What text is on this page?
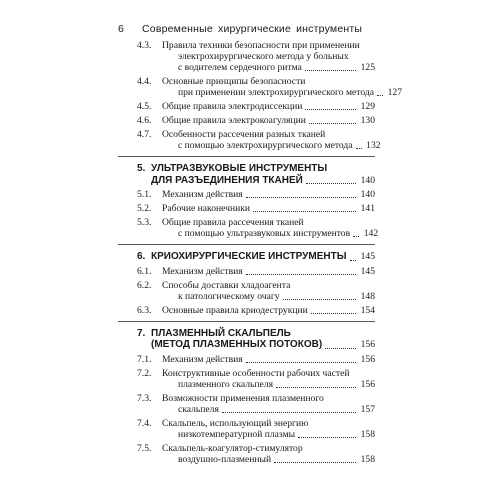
6 Современные хирургические инструменты
4.3. Правила техники безопасности при применении
электрохирургического метода у больных
с водителем сердечного ритма	125
4.4. Основные принципы безопасности
при применении электрохирургического метода 127
4.5. Общие правила электродиссекции	129
4.6. Общие правила электрокоагуляции	130
4.7. Особенности рассечения разных тканей
с помощью электрохирургического метода 132
5. УЛЬТРАЗВУКОВЫЕ ИНСТРУМЕНТЫ
ДЛЯ РАЗЪЕДИНЕНИЯ ТКАНЕЙ	140
5.1. Механизм действия	140
5.2. Рабочие наконечники	141
5.3. Общие правила рассечения тканей
с помощью ультразвуковых инструментов 142
6. КРИОХИРУРГИЧЕСКИЕ ИНСТРУМЕНТЫ 145
6.1. Механизм действия	145
6.2. Способы доставки хладоагента
к патологическому очагу	148
6.3. Основные правила криодеструкции	154
7. ПЛАЗМЕННЫЙ СКАЛЬПЕЛЬ
(МЕТОД ПЛАЗМЕННЫХ ПОТОКОВ)	156
7.1. Механизм действия	156
7.2. Конструктивные особенности рабочих частей
плазменного скальпеля	156
7.3. Возможности применения плазменного
скальпеля	157
7.4. Скальпель, использующий энергию
низкотемпературной плазмы	158
7.5. Скальпель-коагулятор-стимулятор
воздушно-плазменный	158
